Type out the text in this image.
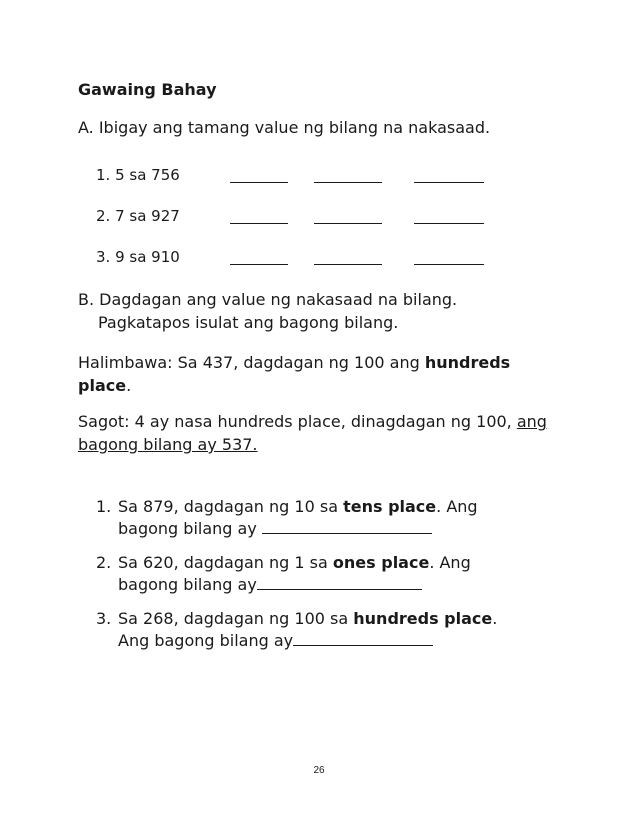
Gawaing Bahay
A. Ibigay ang tamang value ng bilang na nakasaad.
1. 5 sa 756
2. 7 sa 927
3. 9 sa 910
B. Dagdagan ang value ng nakasaad na bilang.
Pagkatapos isulat ang bagong bilang.
Halimbawa: Sa 437, dagdagan ng 100 ang hundreds place.
Sagot: 4 ay nasa hundreds place, dinagdagan ng 100, ang bagong bilang ay 537.
1. Sa 879, dagdagan ng 10 sa tens place. Ang bagong bilang ay
2. Sa 620, dagdagan ng 1 sa ones place. Ang bagong bilang ay
3. Sa 268, dagdagan ng 100 sa hundreds place. Ang bagong bilang ay
26
